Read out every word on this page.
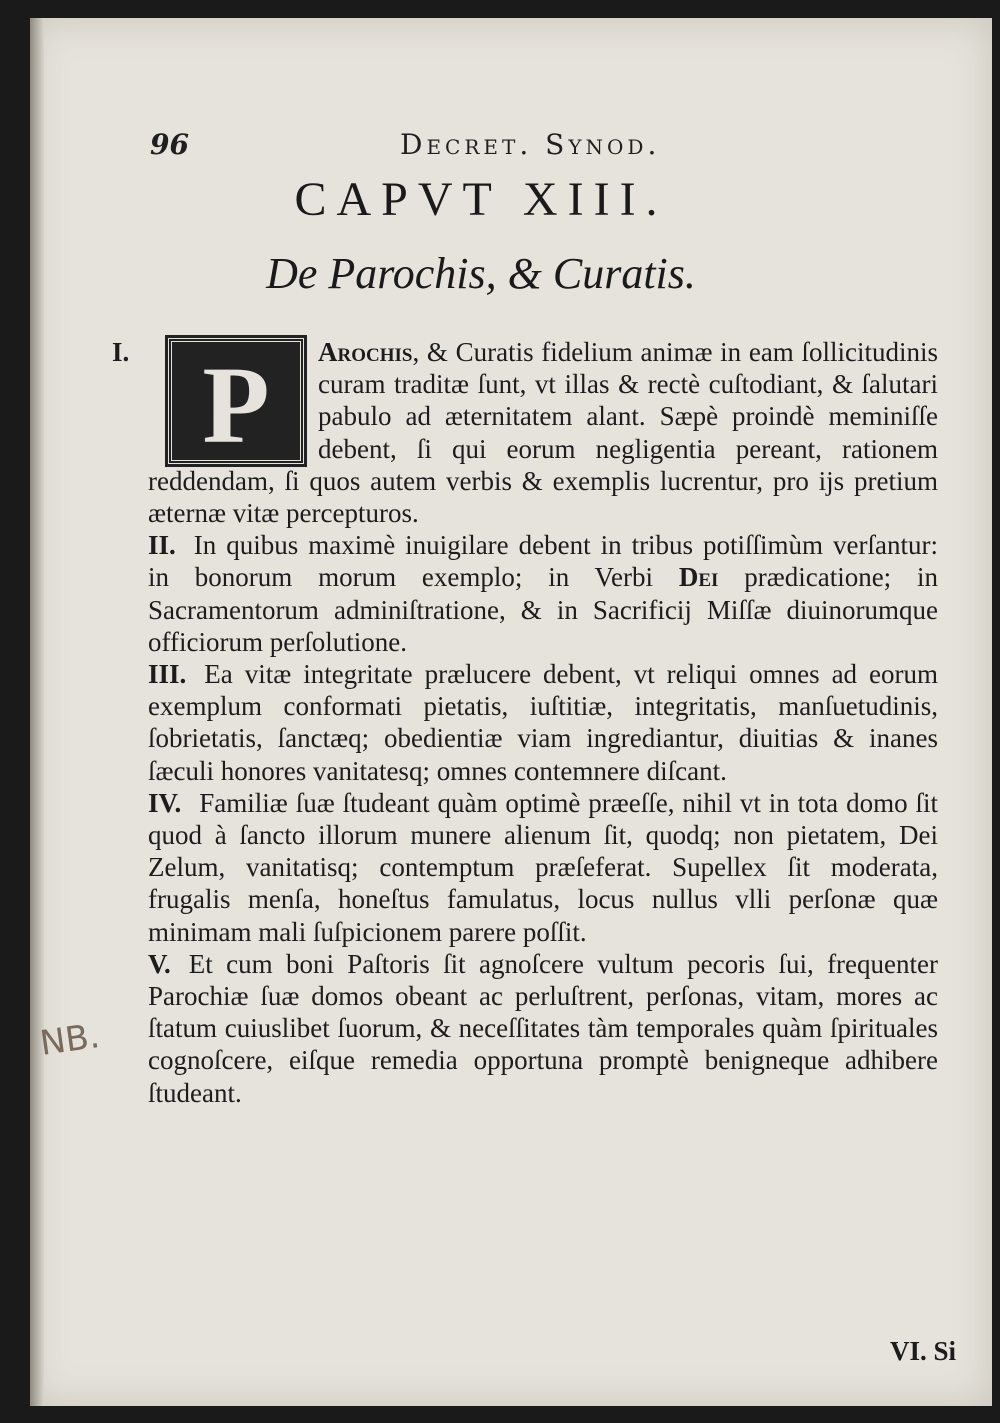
96	Decret. Synod.
CAPVT XIII.
De Parochis, & Curatis.
NB.

I. P	Arochis, & Curatis fidelium animæ in eam ſollicitudinis curam traditæ ſunt, vt illas & rectè cuſtodiant, & ſalutari pabulo ad æternitatem alant. Sæpè proindè meminiſſe debent, ſi qui eorum negligentia pereant, rationem reddendam, ſi quos autem verbis & exemplis lucrentur, pro ijs pretium æternæ vitæ percepturos.

II. In quibus maximè inuigilare debent in tribus potiſſimùm verſantur: in bonorum morum exemplo; in Verbi Dei prædicatione; in Sacramentorum adminiſtratione, & in Sacrificij Miſſæ diuinorumque officiorum perſolutione.

III. Ea vitæ integritate prælucere debent, vt reliqui omnes ad eorum exemplum conformati pietatis, iuſtitiæ, integritatis, manſuetudinis, ſobrietatis, ſanctæq; obedientiæ viam ingrediantur, diuitias & inanes ſæculi honores vanitatesq; omnes contemnere diſcant.

IV. Familiæ ſuæ ſtudeant quàm optimè præeſſe, nihil vt in tota domo ſit quod à ſancto illorum munere alienum ſit, quodq; non pietatem, Dei Zelum, vanitatisq; contemptum præſeferat. Supellex ſit moderata, frugalis menſa, honeſtus famulatus, locus nullus vlli perſonæ quæ minimam mali ſuſpicionem parere poſſit.

V. Et cum boni Paſtoris ſit agnoſcere vultum pecoris ſui, frequenter Parochiæ ſuæ domos obeant ac perluſtrent, perſonas, vitam, mores ac ſtatum cuiuslibet ſuorum, & neceſſitates tàm temporales quàm ſpirituales cognoſcere, eiſque remedia opportuna promptè benigneque adhibere ſtudeant.

VI. Si
